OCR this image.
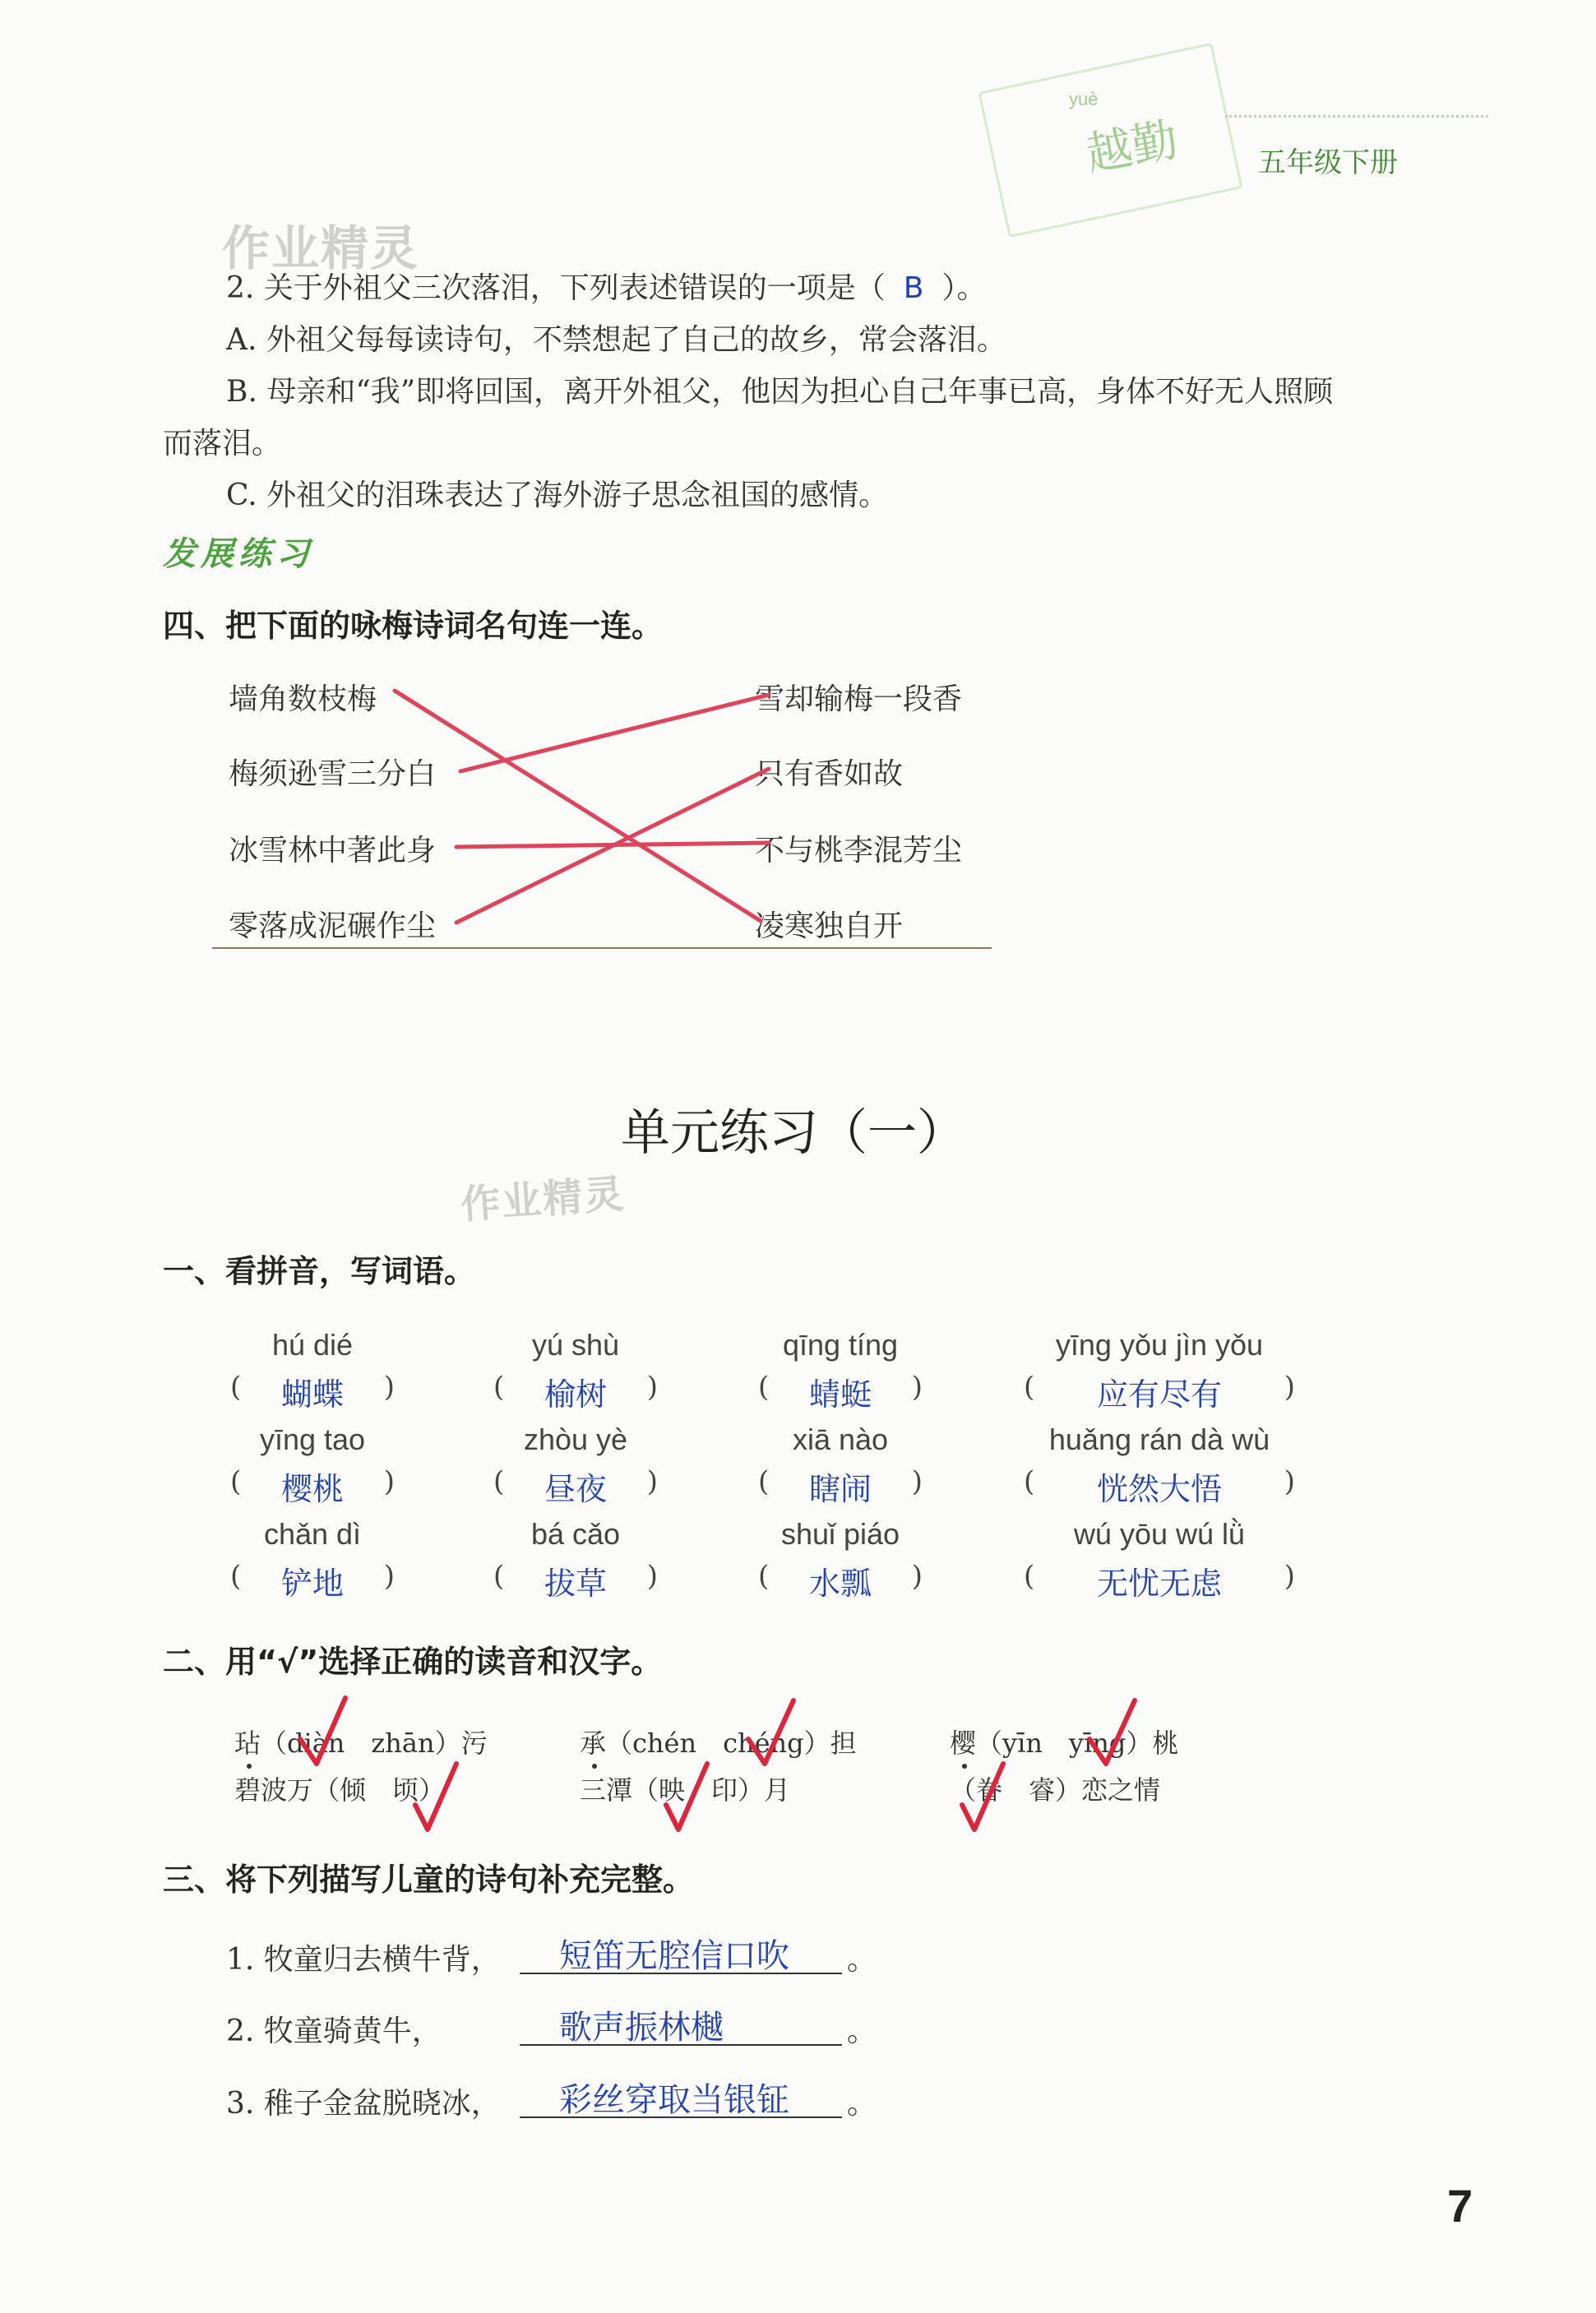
yuè
越勤	五年级下册
作业精灵
作业精灵
2. 关于外祖父三次落泪，下列表述错误的一项是（ B ）。
A. 外祖父每每读诗句，不禁想起了自己的故乡，常会落泪。
B. 母亲和“我”即将回国，离开外祖父，他因为担心自己年事已高，身体不好无人照顾
而落泪。
C. 外祖父的泪珠表达了海外游子思念祖国的感情。
发展练习
四、把下面的咏梅诗词名句连一连。
墙角数枝梅
梅须逊雪三分白
冰雪林中著此身
零落成泥碾作尘
雪却输梅一段香
只有香如故
不与桃李混芳尘
凌寒独自开
单元练习（一）
一、看拼音，写词语。
hú dié
(	蝴蝶	)
yú shù
(	榆树	)
qīng tíng
(	蜻蜓	)
yīng yǒu jìn yǒu
(	应有尽有	)
yīng tao
(	樱桃	)
zhòu yè
(	昼夜	)
xiā nào
(	瞎闹	)
huǎng rán dà wù
(	恍然大悟	)
chǎn dì
(	铲地	)
bá cǎo
(	拔草	)
shuǐ piáo
(	水瓢	)
wú yōu wú lǜ
(	无忧无虑	)
二、用“√”选择正确的读音和汉字。
玷（diàn　zhān）污
碧波万（倾　顷）
承（chén　chéng）担
三潭（映　印）月
樱（yīn　yīng）桃
（眷　睿）恋之情
三、将下列描写儿童的诗句补充完整。
1. 牧童归去横牛背， 短笛无腔信口吹 。
2. 牧童骑黄牛，	歌声振林樾	。
3. 稚子金盆脱晓冰， 彩丝穿取当银钲 。
7
